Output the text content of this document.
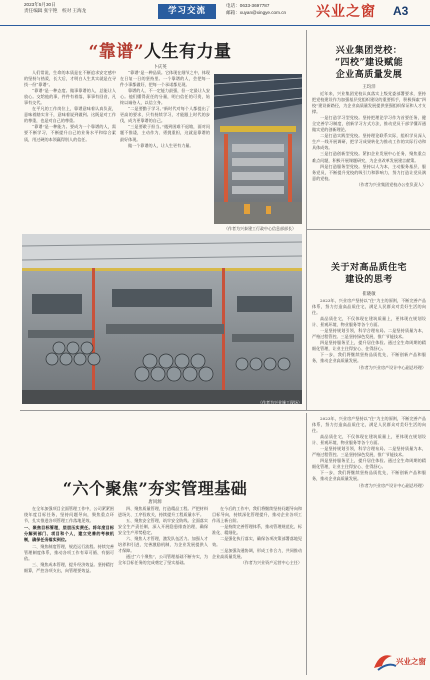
2023年5月30日
责任编辑 张宇艳　校对 王海龙	学习交流
电话：0633-3697787
邮箱：xuyan@xingye.com.cn 兴业之窗 A3
“靠谱”人生有力量
卜庆英

人们常说，生命的本质是在不断追求安定感中的坚持与热爱，长大后，才明白人生其实就是在寻找一份“靠谱”。

“靠谱”是一种态度。做事靠谱的人，总能让人放心。交给他的事，件件有着落，事事有回音，凡事有交代。

在平凡的工作岗位上，靠谱意味着认真负责，意味着踏实肯干，意味着说到做到。这既是对工作的尊重，也是对自己的尊重。

“靠谱”是一种能力。要成为一个靠谱的人，需要不断学习，不断提升自己的业务水平和综合素质，用过硬的本领赢得别人的信任。

“靠谱”是一种品质。它体现在细节之中，体现在日复一日的坚持里。一个靠谱的人，会把每一件小事都做好，把每一个承诺都兑现。

靠谱的人，不一定能力最强，但一定最让人安心。他们懂得责任的分量，明白信任的可贵，始终以诚待人，以信立身。

“二是要勤于学习。”新时代对每个人都提出了更高的要求，只有持续学习，才能跟上时代的步伐，成为更靠谱的自己。

“三是要敢于担当。”遇到困难不退缩，面对问题不推诿，主动作为、勇挑重担，这就是靠谱的最好体现。

做一个靠谱的人，让人生更有力量。

（作者为兴泰建工行政中心信息部部长）
（作者为兴业施工现场）
兴业集团党校：
“四校”建设赋能
企业高质量发展
王均洋

近年来，兴业集团党校认真落实上级党委部署要求，坚持把党校建设作为加强基层党组织建设的重要抓手，积极探索“四校”建设新路径，为企业高质量发展提供坚强组织保证和人才支撑。

一是打造学习型党校。坚持把理论学习作为首要任务，健全完善学习制度，创新学习方式方法，推动党员干部学懂弄通做实党的创新理论。

二是打造实践型党校。坚持理论联系实际，组织学员深入生产一线开展调研，把学习成果转化为推动工作的实际行动和具体成效。

三是打造创新型党校。紧扣企业发展中心任务，聚焦重点难点问题，积极开展课题研究，为企业改革发展建言献策。

四是打造服务型党校。坚持以人为本，主动服务基层、服务党员，不断提升党校的吸引力和影响力，努力打造让党员满意的党校。

（作者为兴业集团党校办公室负责人）

关于对高品质住宅
建设的思考
崔晓敏

2023年，兴业房产坚持以“住”为主的原则，不断完善产品体系，努力打造高品质住宅，满足人民群众对美好生活的向往。

高品质住宅，不仅体现在建筑质量上，更体现在规划设计、景观环境、物业服务等各个方面。

一是坚持规划引领，科学合理布局。二是坚持质量为本，严格过程管控。三是坚持绿色发展，推广节能技术。

四是坚持服务至上，提升居住体验。通过全生命周期的精细化管理，让业主住得安心、住得舒心。

下一步，我们将继续坚持品质优先，不断创新产品和服务，推动企业高质量发展。

（作者为兴业房产设计中心副总经理）

“六个聚焦”夯实管理基础
唐同源

在全年加强项目全面管理工作中，公司紧紧围绕年度目标任务，坚持问题导向，聚焦重点环节，扎实推进各项管理工作落地见效。

一、聚焦目标管理，层层压实责任。将年度目标分解到部门、项目和个人，建立完善的考核机制，确保任务落实到位。

二、聚焦制度管理，规范运行流程。持续完善管理制度体系，推动各项工作有章可循、有据可依。

三、聚焦成本管理，提升经济效益。坚持精打细算，严控各项支出，向管理要效益。

四、聚焦质量管理，打造精品工程。严把材料进场关、工序验收关，持续提升工程质量水平。

五、聚焦安全管理，筑牢安全防线。全面落实安全生产责任制，深入开展隐患排查治理，确保安全生产形势稳定。

六、聚焦人才管理，激发队伍活力。加强人才培养和引进，完善激励机制，为企业发展提供人才保障。

通过“六个聚焦”，公司管理基础不断夯实，为全年目标任务的完成奠定了坚实基础。

在今后的工作中，我们将继续坚持问题导向和目标导向，持续深化管理提升，推动企业各项工作再上新台阶。

一是持续完善管理体系，推动管理规范化、标准化、精细化。

二是强化执行落实，确保各项决策部署落地见效。

三是加强沟通协调，形成工作合力，共同推动企业高质量发展。

（作者为兴业资产运营中心主任）

2023年，兴业房产坚持以“住”为主的原则，不断完善产品体系，努力打造高品质住宅，满足人民群众对美好生活的向往。

高品质住宅，不仅体现在建筑质量上，更体现在规划设计、景观环境、物业服务等各个方面。

一是坚持规划引领，科学合理布局。二是坚持质量为本，严格过程管控。三是坚持绿色发展，推广节能技术。

四是坚持服务至上，提升居住体验。通过全生命周期的精细化管理，让业主住得安心、住得舒心。

下一步，我们将继续坚持品质优先，不断创新产品和服务，推动企业高质量发展。

（作者为兴业房产设计中心副总经理）

兴业之窗
